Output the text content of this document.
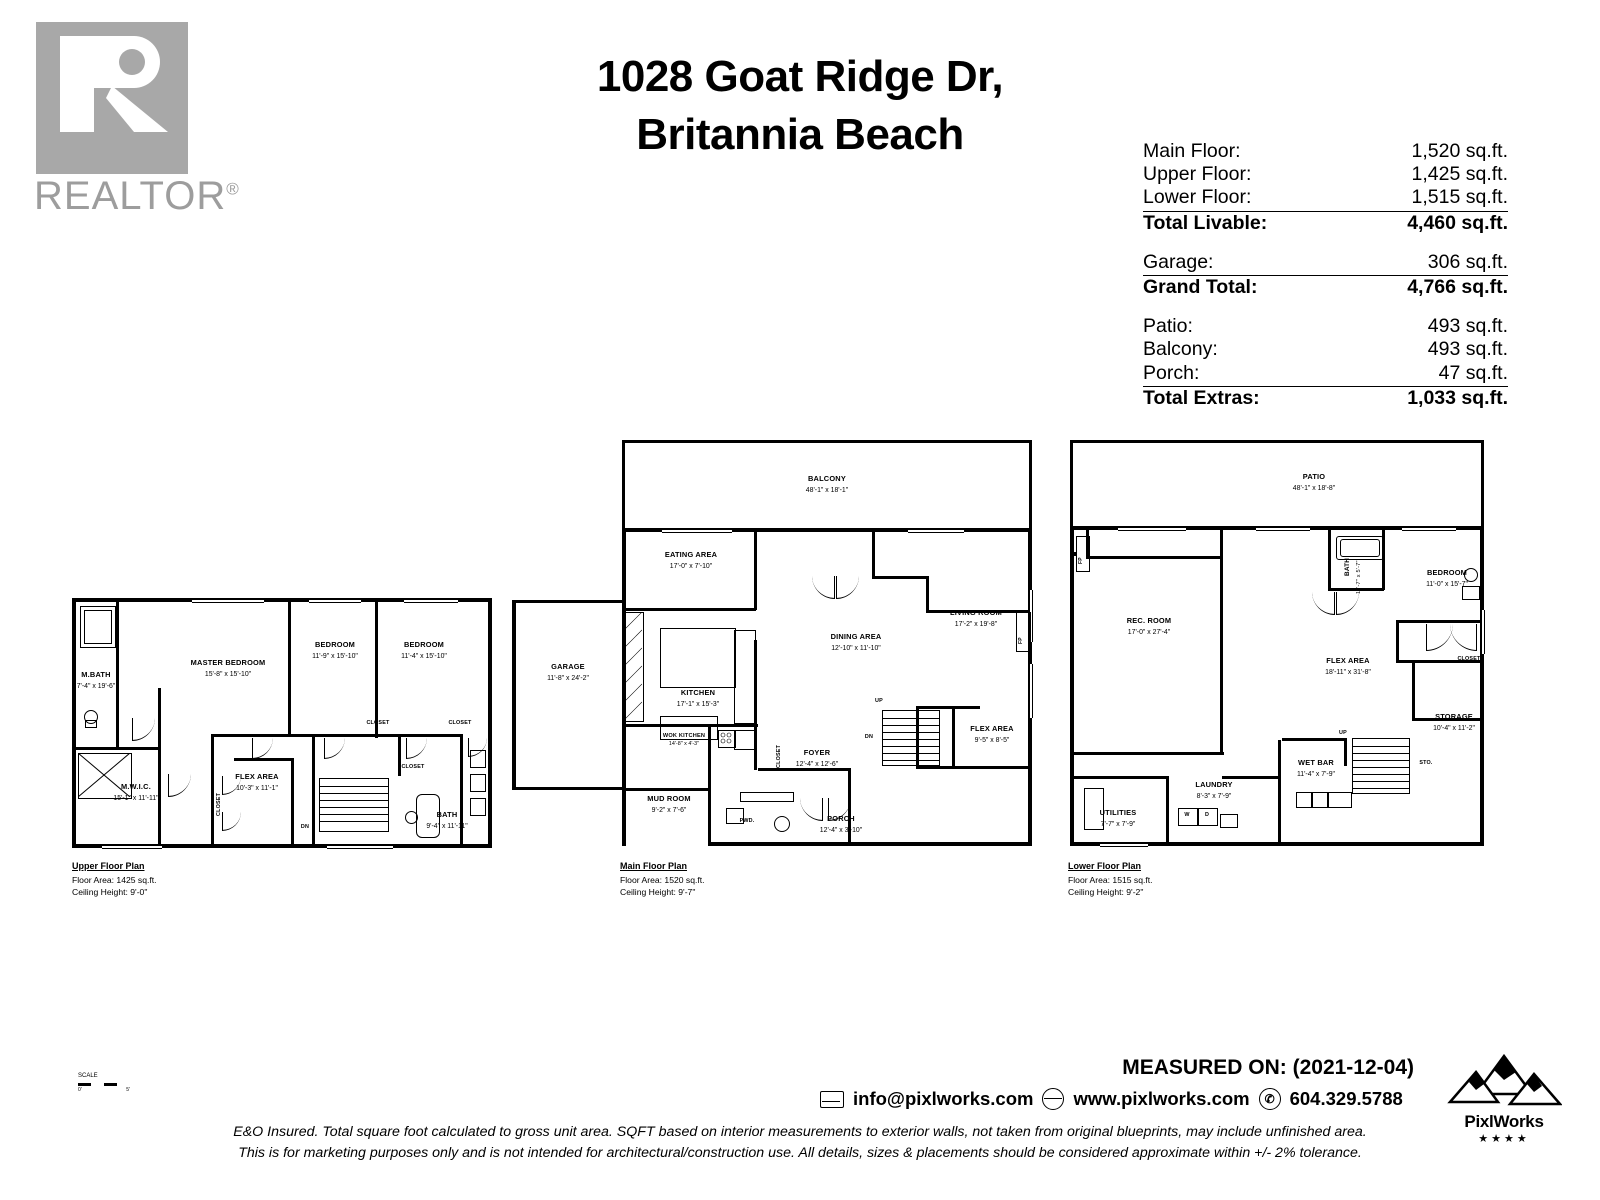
REALTOR®
1028 Goat Ridge Dr,
Britannia Beach	Main Floor:	1,520 sq.ft.
Upper Floor:	1,425 sq.ft.
Lower Floor:	1,515 sq.ft.
Total Livable:	4,460 sq.ft.
Garage:	306 sq.ft.
Grand Total:	4,766 sq.ft.
Patio:	493 sq.ft.
Balcony:	493 sq.ft.
Porch:	47 sq.ft.
Total Extras:	1,033 sq.ft.
M.BATH
7'-4" x 19'-6"
MASTER BEDROOM
15'-8" x 15'-10"
BEDROOM
11'-9" x 15'-10"
BEDROOM
11'-4" x 15'-10"
M.W.I.C.
15'-1" x 11'-11"
FLEX AREA
10'-3" x 11'-1"
BATH
9'-4" x 11'-11"
CLOSET	CLOSET
CLOSET
CLOSET
DN
Upper Floor Plan
Floor Area: 1425 sq.ft.
Ceiling Height: 9'-0"
FP
UP
DN
CLOSET
PWD.
BALCONY
48'-1" x 18'-1"
EATING AREA
17'-0" x 7'-10"
LIVING ROOM
17'-2" x 19'-8"
DINING AREA
12'-10" x 11'-10"
KITCHEN
17'-1" x 15'-3"
GARAGE
11'-8" x 24'-2"
WOK KITCHEN
14'-8" x 4'-3"
FLEX AREA
9'-5" x 8'-5"
FOYER
12'-4" x 12'-6"
MUD ROOM
9'-2" x 7'-6"
PORCH
12'-4" x 3'-10"
Main Floor Plan
Floor Area: 1520 sq.ft.
Ceiling Height: 9'-7"
FP
UP
STO.
W	D
CLOSET
PATIO
48'-1" x 18'-8"
REC. ROOM
17'-0" x 27'-4"
BEDROOM
11'-0" x 15'-7"
BATH 11'-7" x 5'-7"
FLEX AREA
18'-11" x 31'-8"
STORAGE
10'-4" x 11'-2"
WET BAR
11'-4" x 7'-9"
LAUNDRY
8'-3" x 7'-9"
UTILITIES
7'-7" x 7'-9"
Lower Floor Plan
Floor Area: 1515 sq.ft.
Ceiling Height: 9'-2"
SCALE
0'	5'
MEASURED ON: (2021-12-04)
info@pixlworks.com www.pixlworks.com	✆ 604.329.5788
E&O Insured. Total square foot calculated to gross unit area. SQFT based on interior measurements to exterior walls, not taken from original blueprints, may include unfinished area.
This is for marketing purposes only and is not intended for architectural/construction use. All details, sizes & placements should be considered approximate within +/- 2% tolerance.
PixlWorks
★★★★
